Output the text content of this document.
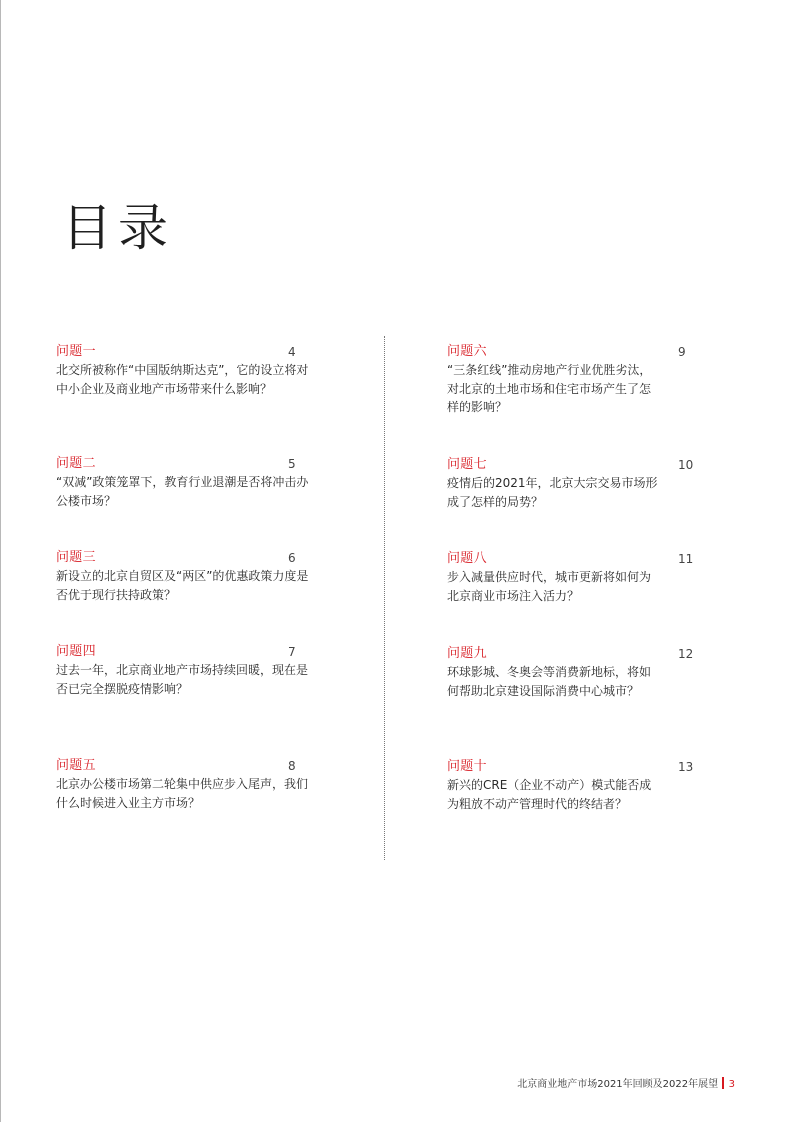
目录
问题一
北交所被称作“中国版纳斯达克”，它的设立将对中小企业及商业地产市场带来什么影响？
4
问题二
“双减”政策笼罩下，教育行业退潮是否将冲击办公楼市场？
5
问题三
新设立的北京自贸区及“两区”的优惠政策力度是否优于现行扶持政策？
6
问题四
过去一年，北京商业地产市场持续回暖，现在是否已完全摆脱疫情影响？
7
问题五
北京办公楼市场第二轮集中供应步入尾声，我们什么时候进入业主方市场？
8
问题六
“三条红线”推动房地产行业优胜劣汰，对北京的土地市场和住宅市场产生了怎样的影响？
9
问题七
疫情后的2021年，北京大宗交易市场形成了怎样的局势？
10
问题八
步入减量供应时代，城市更新将如何为北京商业市场注入活力？
11
问题九
环球影城、冬奥会等消费新地标，将如何帮助北京建设国际消费中心城市？
12
问题十
新兴的CRE（企业不动产）模式能否成为粗放不动产管理时代的终结者？
13
北京商业地产市场2021年回顾及2022年展望 3
